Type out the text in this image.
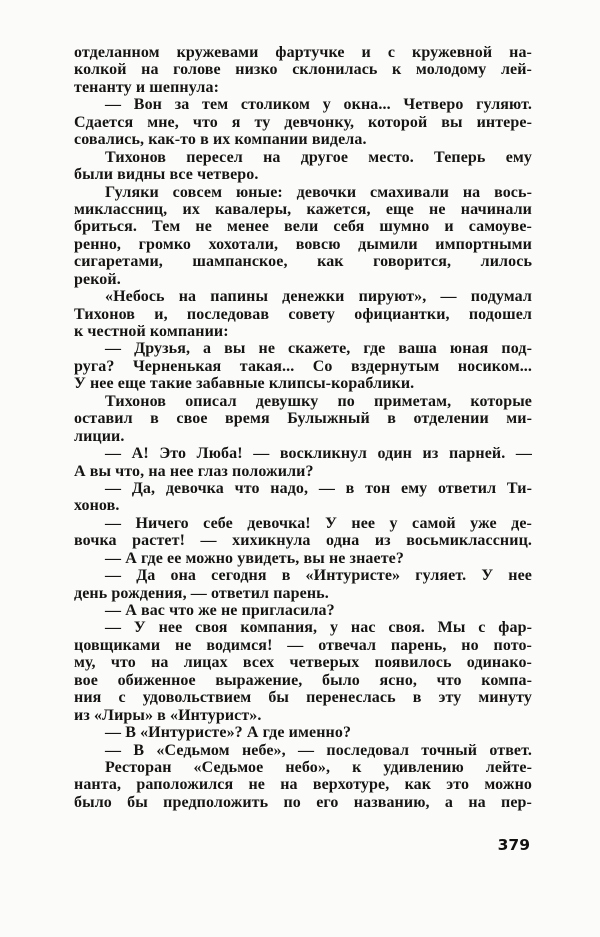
отделанном кружевами фартучке и с кружевной на-
колкой на голове низко склонилась к молодому лей-
тенанту и шепнула:
— Вон за тем столиком у окна... Четверо гуляют.
Сдается мне, что я ту девчонку, которой вы интере-
совались, как-то в их компании видела.
Тихонов пересел на другое место. Теперь ему
были видны все четверо.
Гуляки совсем юные: девочки смахивали на вось-
миклассниц, их кавалеры, кажется, еще не начинали
бриться. Тем не менее вели себя шумно и самоуве-
ренно, громко хохотали, вовсю дымили импортными
сигаретами, шампанское, как говорится, лилось
рекой.
«Небось на папины денежки пируют», — подумал
Тихонов и, последовав совету официантки, подошел
к честной компании:
— Друзья, а вы не скажете, где ваша юная под-
руга? Черненькая такая... Со вздернутым носиком...
У нее еще такие забавные клипсы-кораблики.
Тихонов описал девушку по приметам, которые
оставил в свое время Булыжный в отделении ми-
лиции.
— А! Это Люба! — воскликнул один из парней. —
А вы что, на нее глаз положили?
— Да, девочка что надо, — в тон ему ответил Ти-
хонов.
— Ничего себе девочка! У нее у самой уже де-
вочка растет! — хихикнула одна из восьмиклассниц.
— А где ее можно увидеть, вы не знаете?
— Да она сегодня в «Интуристе» гуляет. У нее
день рождения, — ответил парень.
— А вас что же не пригласила?
— У нее своя компания, у нас своя. Мы с фар-
цовщиками не водимся! — отвечал парень, но пото-
му, что на лицах всех четверых появилось одинако-
вое обиженное выражение, было ясно, что компа-
ния с удовольствием бы перенеслась в эту минуту
из «Лиры» в «Интурист».
— В «Интуристе»? А где именно?
— В «Седьмом небе», — последовал точный ответ.
Ресторан «Седьмое небо», к удивлению лейте-
нанта, раположился не на верхотуре, как это можно
было бы предположить по его названию, а на пер-
379
